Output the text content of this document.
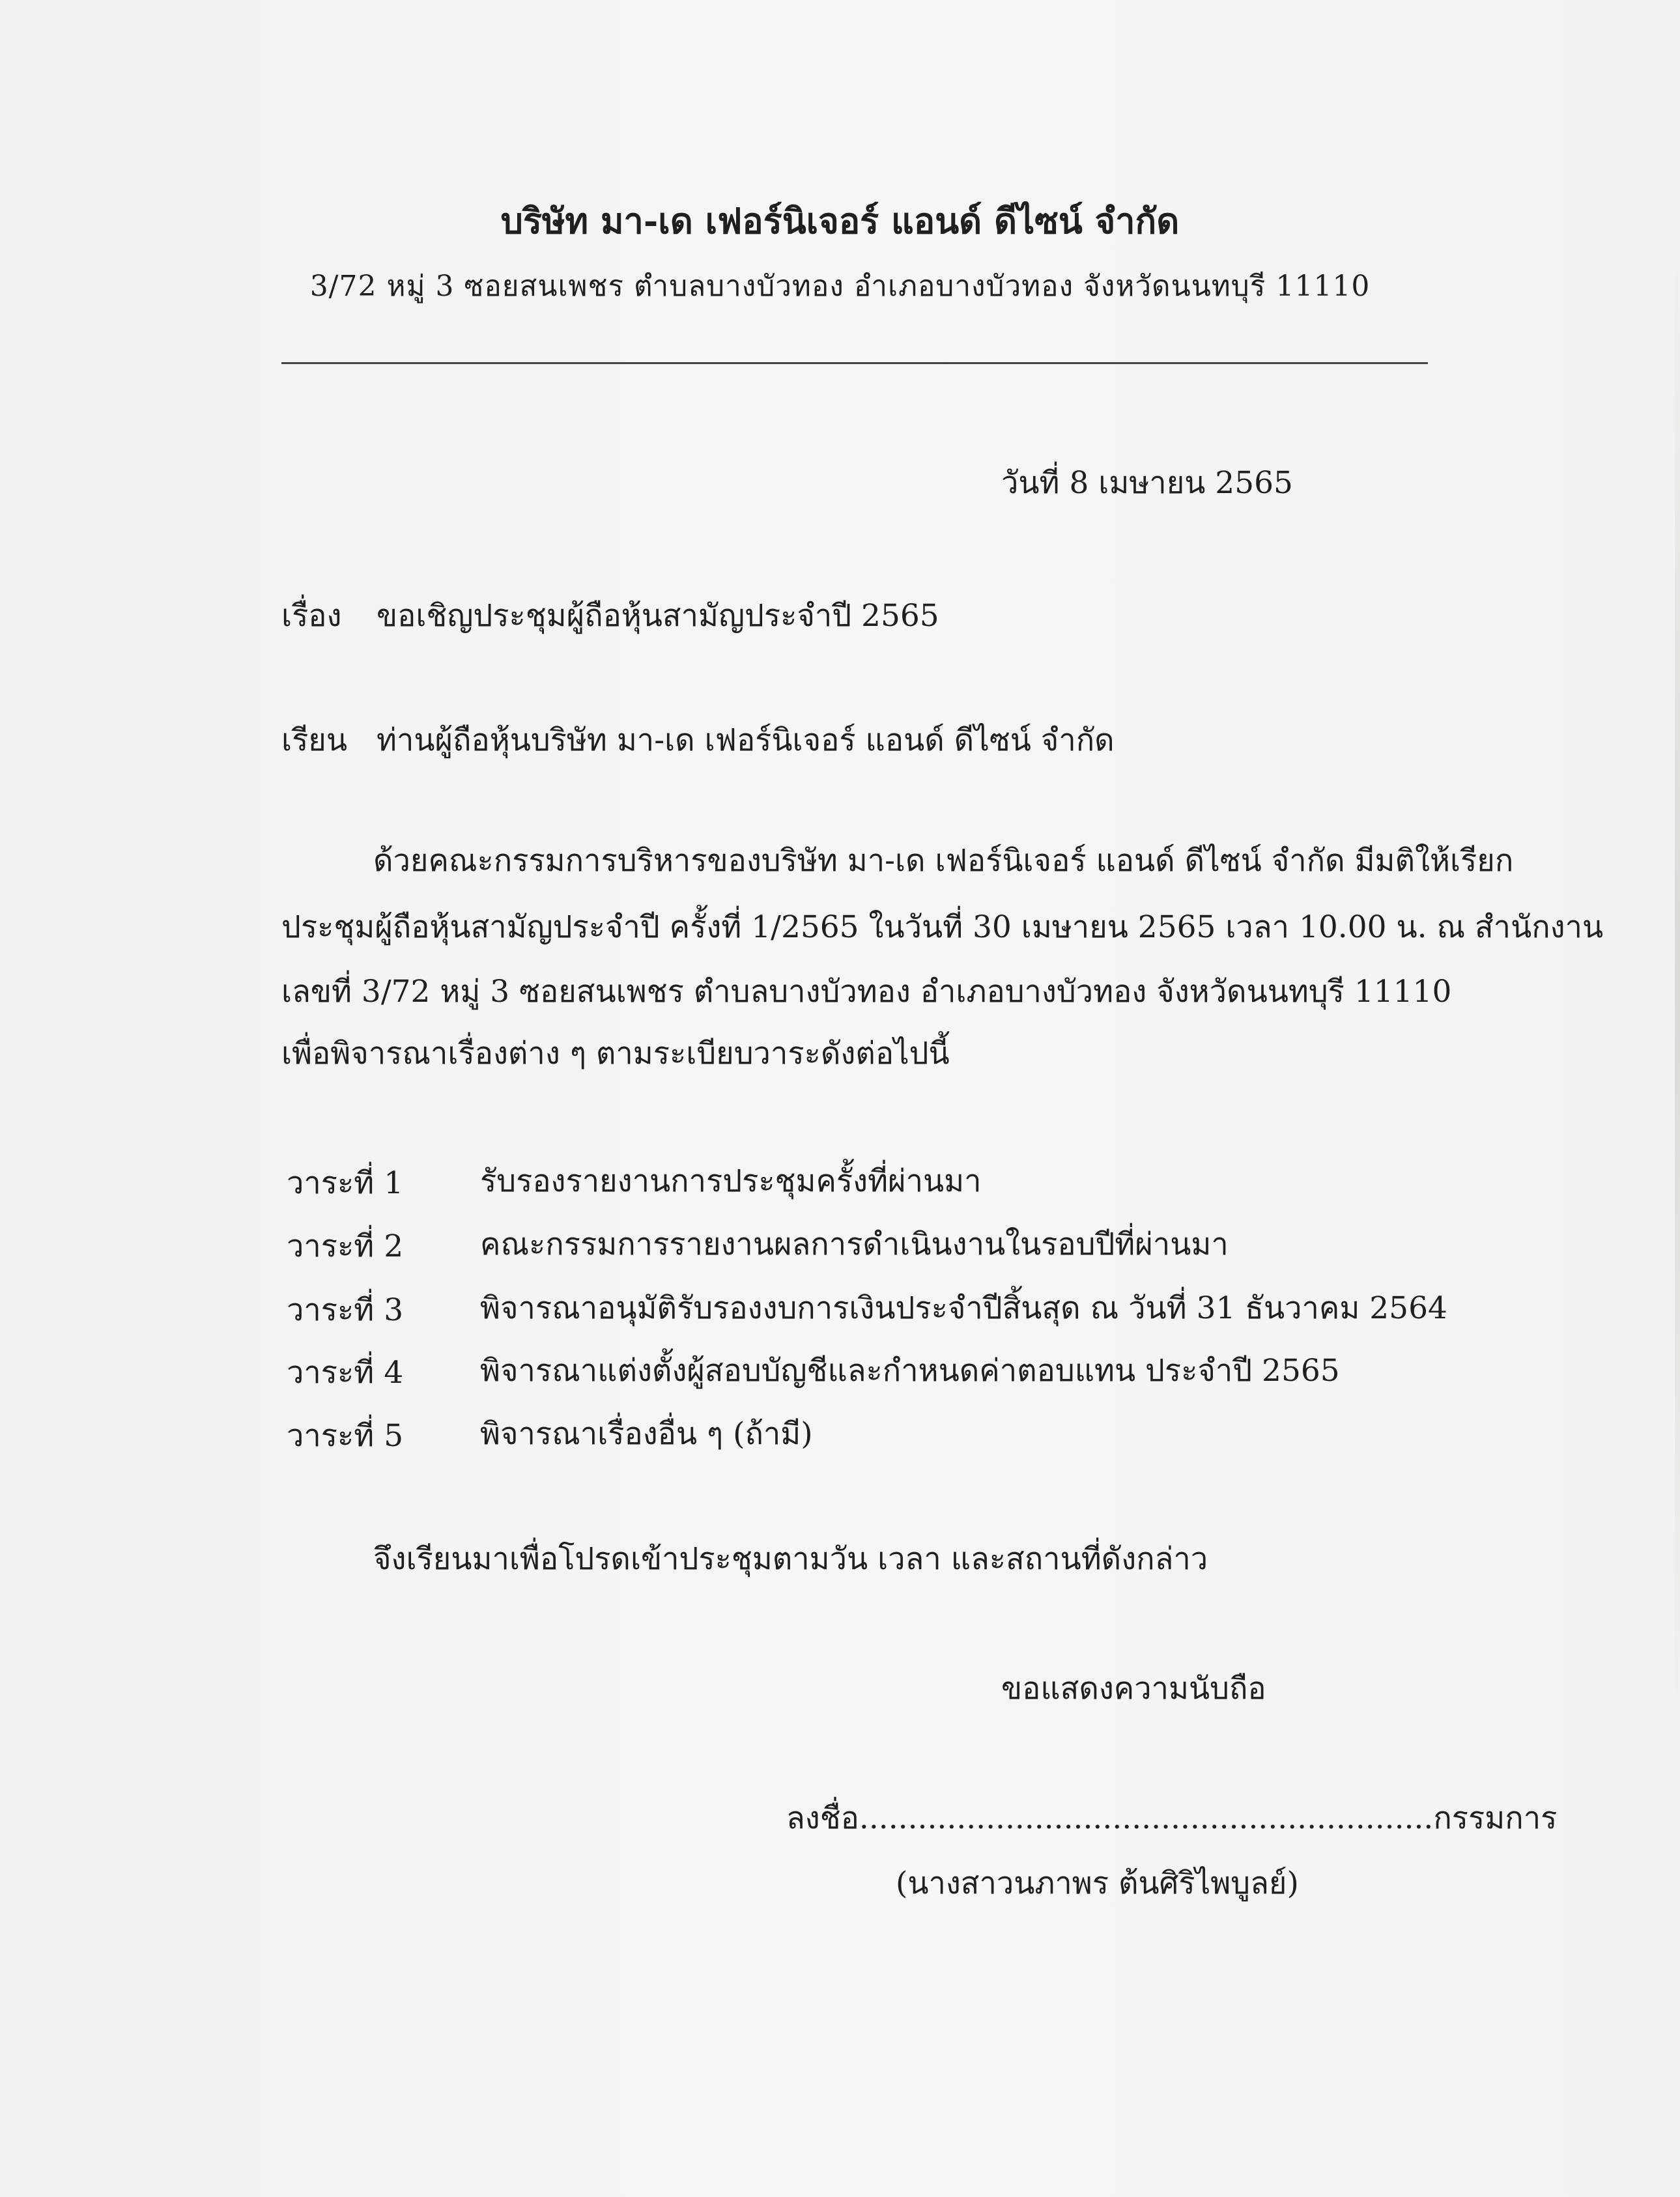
บริษัท มา-เด เฟอร์นิเจอร์ แอนด์ ดีไซน์ จำกัด
3/72 หมู่ 3 ซอยสนเพชร ตำบลบางบัวทอง อำเภอบางบัวทอง จังหวัดนนทบุรี 11110
วันที่ 8 เมษายน 2565
เรื่อง ขอเชิญประชุมผู้ถือหุ้นสามัญประจำปี 2565
เรียน ท่านผู้ถือหุ้นบริษัท มา-เด เฟอร์นิเจอร์ แอนด์ ดีไซน์ จำกัด
ด้วยคณะกรรมการบริหารของบริษัท มา-เด เฟอร์นิเจอร์ แอนด์ ดีไซน์ จำกัด มีมติให้เรียก
ประชุมผู้ถือหุ้นสามัญประจำปี ครั้งที่ 1/2565 ในวันที่ 30 เมษายน 2565 เวลา 10.00 น. ณ สำนักงาน
เลขที่ 3/72 หมู่ 3 ซอยสนเพชร ตำบลบางบัวทอง อำเภอบางบัวทอง จังหวัดนนทบุรี 11110
เพื่อพิจารณาเรื่องต่าง ๆ ตามระเบียบวาระดังต่อไปนี้
วาระที่ 1	รับรองรายงานการประชุมครั้งที่ผ่านมา
วาระที่ 2	คณะกรรมการรายงานผลการดำเนินงานในรอบปีที่ผ่านมา
วาระที่ 3	พิจารณาอนุมัติรับรองงบการเงินประจำปีสิ้นสุด ณ วันที่ 31 ธันวาคม 2564
วาระที่ 4	พิจารณาแต่งตั้งผู้สอบบัญชีและกำหนดค่าตอบแทน ประจำปี 2565
วาระที่ 5	พิจารณาเรื่องอื่น ๆ (ถ้ามี)
จึงเรียนมาเพื่อโปรดเข้าประชุมตามวัน เวลา และสถานที่ดังกล่าว
ขอแสดงความนับถือ
ลงชื่อ...........................................................กรรมการ
(นางสาวนภาพร ต้นศิริไพบูลย์)
